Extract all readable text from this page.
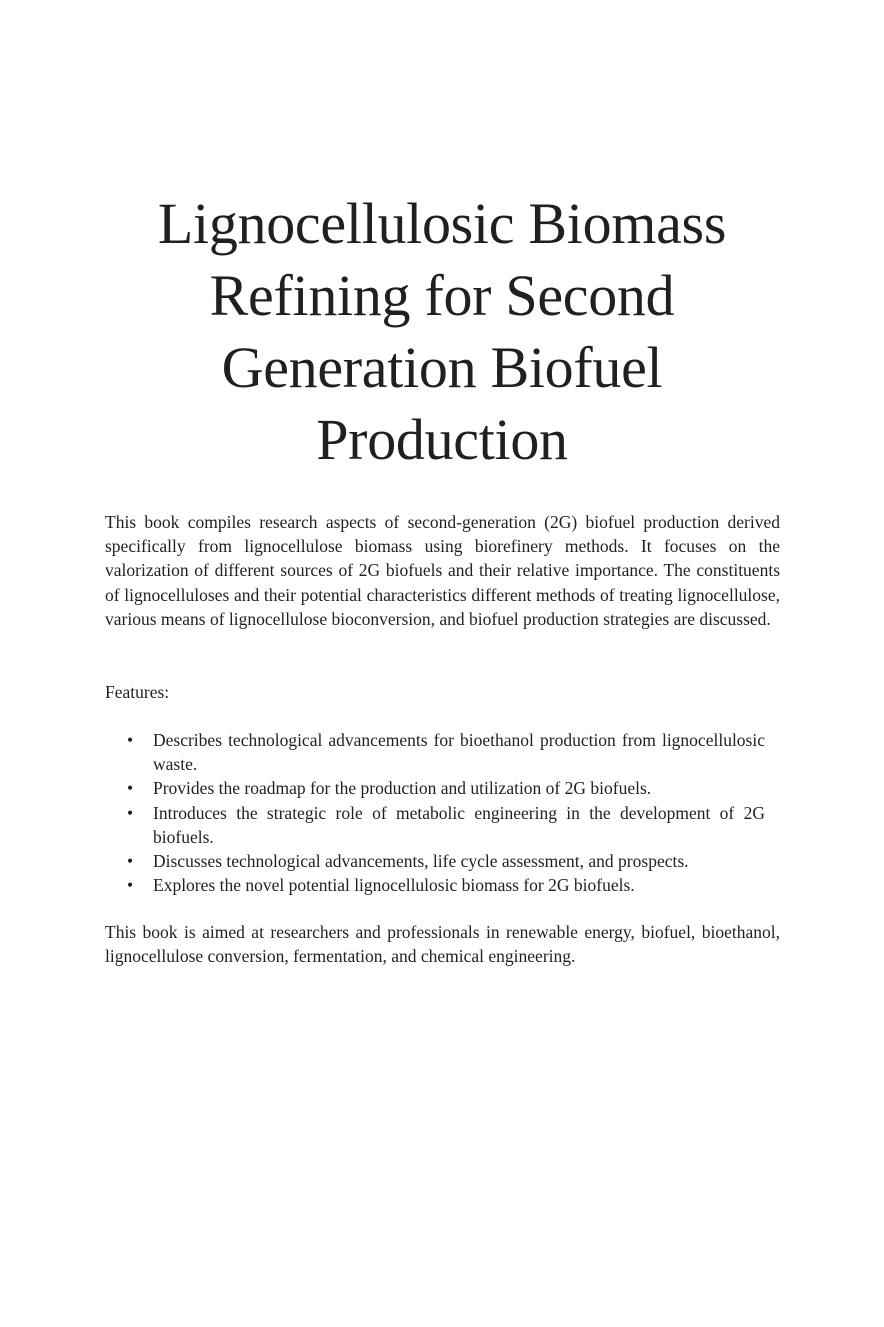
Lignocellulosic Biomass
Refining for Second
Generation Biofuel
Production

This book compiles research aspects of second-generation (2G) biofuel production derived specifically from lignocellulose biomass using biorefinery methods. It focuses on the valorization of different sources of 2G biofuels and their relative importance. The constituents of lignocelluloses and their potential characteristics different methods of treating lignocellulose, various means of lignocellulose bioconversion, and biofuel production strategies are discussed.

Features:

• Describes technological advancements for bioethanol production from lignocellulosic waste.
• Provides the roadmap for the production and utilization of 2G biofuels.
• Introduces the strategic role of metabolic engineering in the development of 2G biofuels.
• Discusses technological advancements, life cycle assessment, and prospects.
• Explores the novel potential lignocellulosic biomass for 2G biofuels.

This book is aimed at researchers and professionals in renewable energy, biofuel, bioethanol, lignocellulose conversion, fermentation, and chemical engineering.
